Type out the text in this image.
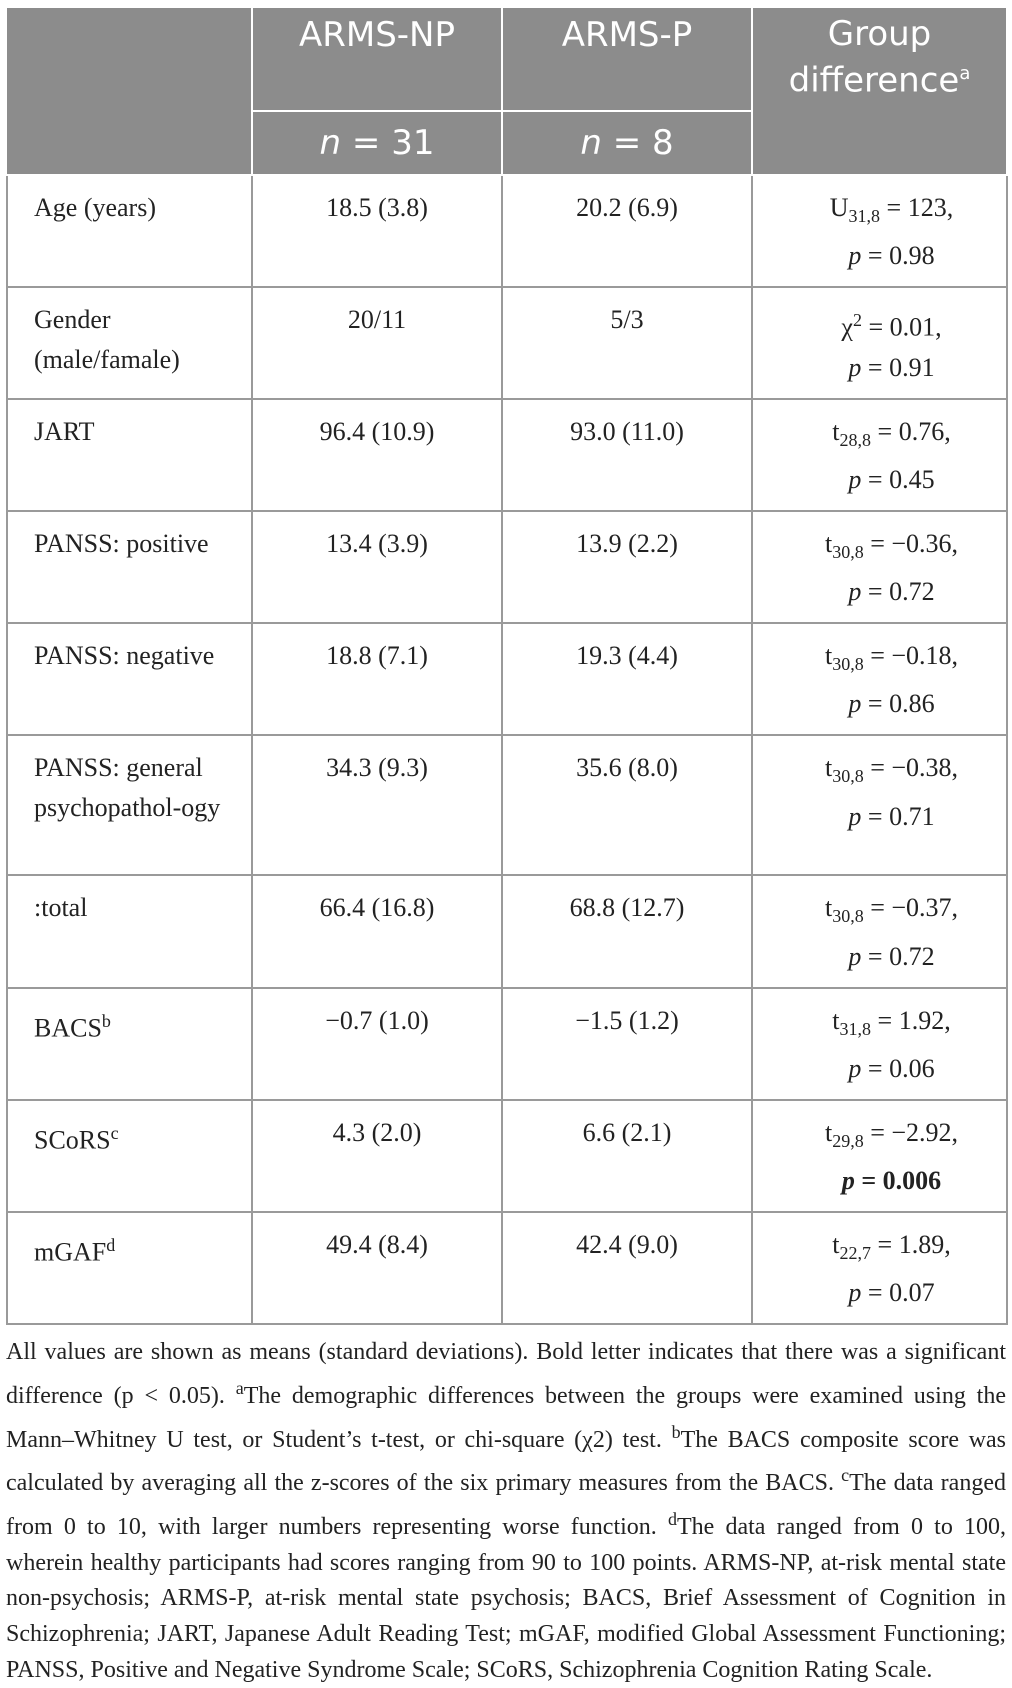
	ARMS-NP	ARMS-P	Group
difference$^a$
	n = 31	n = 8	
Age (years)	18.5 (3.8)	20.2 (6.9)	$U_{31,8} = 123$,
p = 0.98

Gender (male/famale)	20/11	5/3	$\chi^2 = 0.01$,
p = 0.91

JART	96.4 (10.9)	93.0 (11.0)	$t_{28,8} = 0.76$,
p = 0.45

PANSS: positive	13.4 (3.9)	13.9 (2.2)	$t_{30,8} = -0.36$,
p = 0.72

PANSS: negative	18.8 (7.1)	19.3 (4.4)	$t_{30,8} = -0.18$,
p = 0.86

PANSS: general psychopathol-ogy	34.3 (9.3)	35.6 (8.0)	$t_{30,8} = -0.38$,
p = 0.71

:total	66.4 (16.8)	68.8 (12.7)	$t_{30,8} = -0.37$,
p = 0.72

$BACS^b$	−0.7 (1.0)	−1.5 (1.2)	$t_{31,8} = 1.92$,
p = 0.06

SCoRS$^c$	4.3 (2.0)	6.6 (2.1)	$t_{29,8} = -2.92$,
p = 0.006

mGAF$^d$	49.4 (8.4)	42.4 (9.0)	$t_{22,7} = 1.89$,
p = 0.07
All values are shown as means (standard deviations). Bold letter indicates that there was a significant difference (p < 0.05). $^a$The demographic differences between the groups were examined using the Mann–Whitney U test, or Student’s t-test, or chi-square (χ2) test. $^b$The BACS composite score was calculated by averaging all the z-scores of the six primary measures from the BACS. $^c$The data ranged from 0 to 10, with larger numbers representing worse function. $^d$The data ranged from 0 to 100, wherein healthy participants had scores ranging from 90 to 100 points. ARMS-NP, at-risk mental state non-psychosis; ARMS-P, at-risk mental state psychosis; BACS, Brief Assessment of Cognition in Schizophrenia; JART, Japanese Adult Reading Test; mGAF, modified Global Assessment Functioning; PANSS, Positive and Negative Syndrome Scale; SCoRS, Schizophrenia Cognition Rating Scale.
